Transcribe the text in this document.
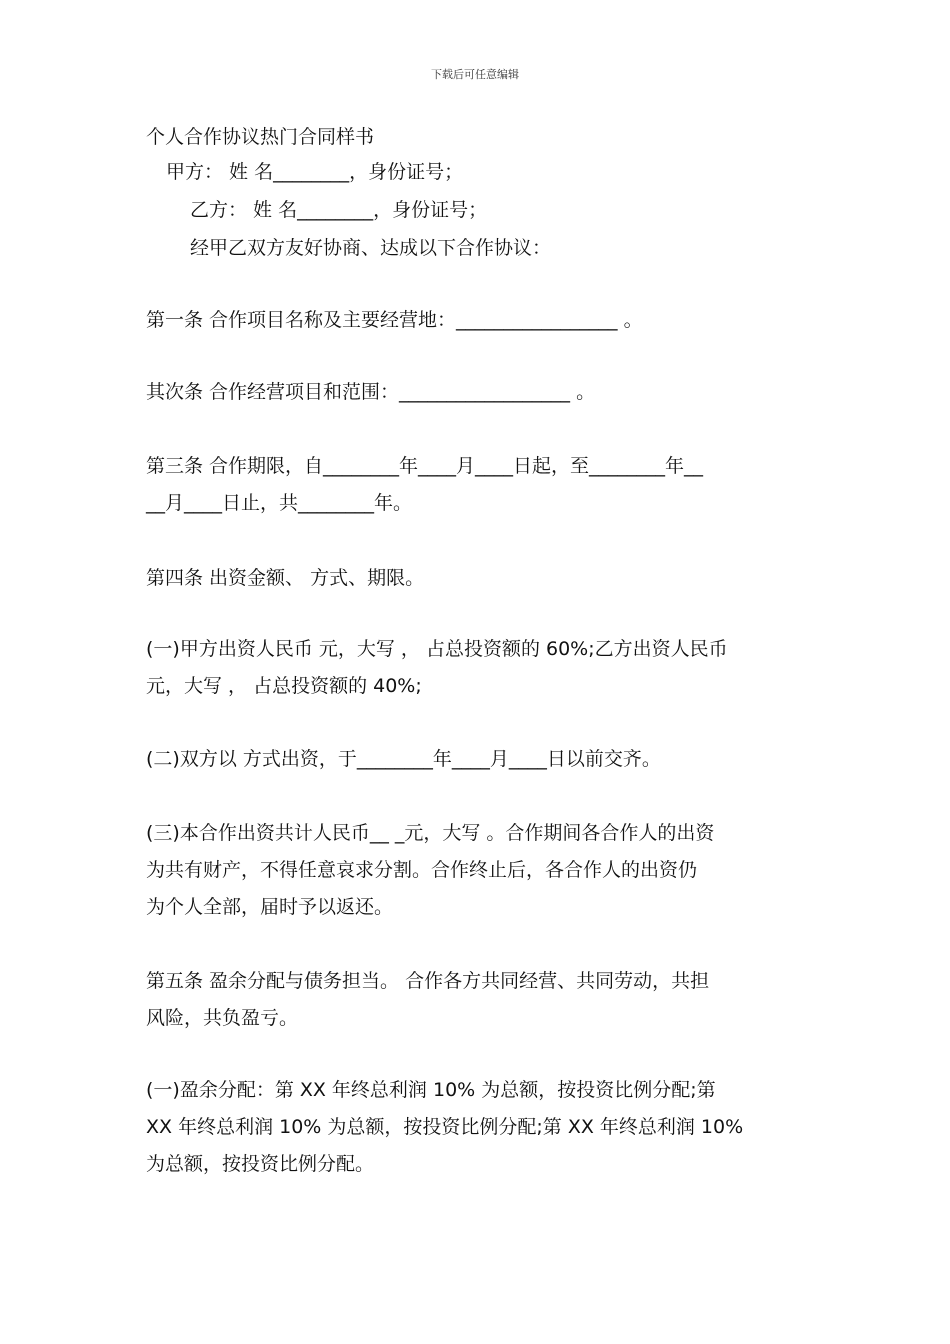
下载后可任意编辑
个人合作协议热门合同样书
甲方： 姓 名________，身份证号；
乙方： 姓 名________，身份证号；
经甲乙双方友好协商、达成以下合作协议：
第一条 合作项目名称及主要经营地：_________________ 。
其次条 合作经营项目和范围：__________________ 。
第三条 合作期限，自________年____月____日起，至________年__
__月____日止，共________年。
第四条 出资金额、 方式、期限。
(一)甲方出资人民币 元，大写 ， 占总投资额的 60%;乙方出资人民币
元，大写 ， 占总投资额的 40%;
(二)双方以 方式出资，于________年____月____日以前交齐。
(三)本合作出资共计人民币__ _元，大写 。合作期间各合作人的出资
为共有财产，不得任意哀求分割。合作终止后，各合作人的出资仍
为个人全部，届时予以返还。
第五条 盈余分配与债务担当。 合作各方共同经营、共同劳动，共担
风险，共负盈亏。
(一)盈余分配：第 XX 年终总利润 10% 为总额，按投资比例分配;第
XX 年终总利润 10% 为总额，按投资比例分配;第 XX 年终总利润 10%
为总额，按投资比例分配。
